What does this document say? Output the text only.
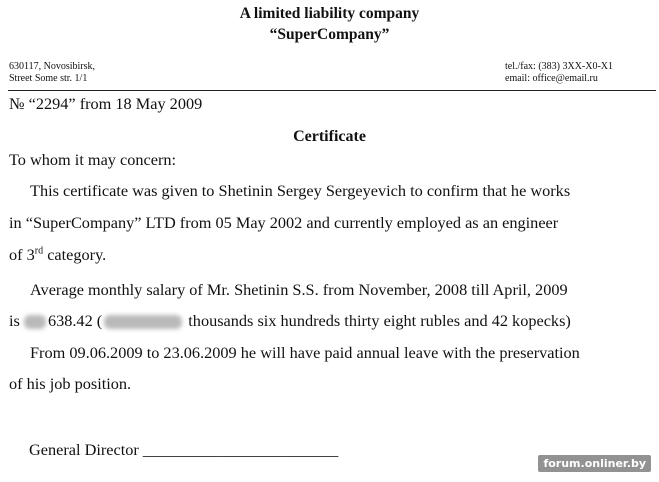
A limited liability company
“SuperCompany”
630117, Novosibirsk,
Street Some str. 1/1
tel./fax: (383) 3XX-X0-X1
email: office@email.ru
№ “2294” from 18 May 2009
Certificate
To whom it may concern:
This certificate was given to Shetinin Sergey Sergeyevich to confirm that he works
in “SuperCompany” LTD from 05 May 2002 and currently employed as an engineer
of 3rd category.
Average monthly salary of Mr. Shetinin S.S. from November, 2008 till April, 2009
is 638.42 (	thousands six hundreds thirty eight rubles and 42 kopecks)
From 09.06.2009 to 23.06.2009 he will have paid annual leave with the preservation
of his job position.
General Director ________________________
forum.onliner.by
